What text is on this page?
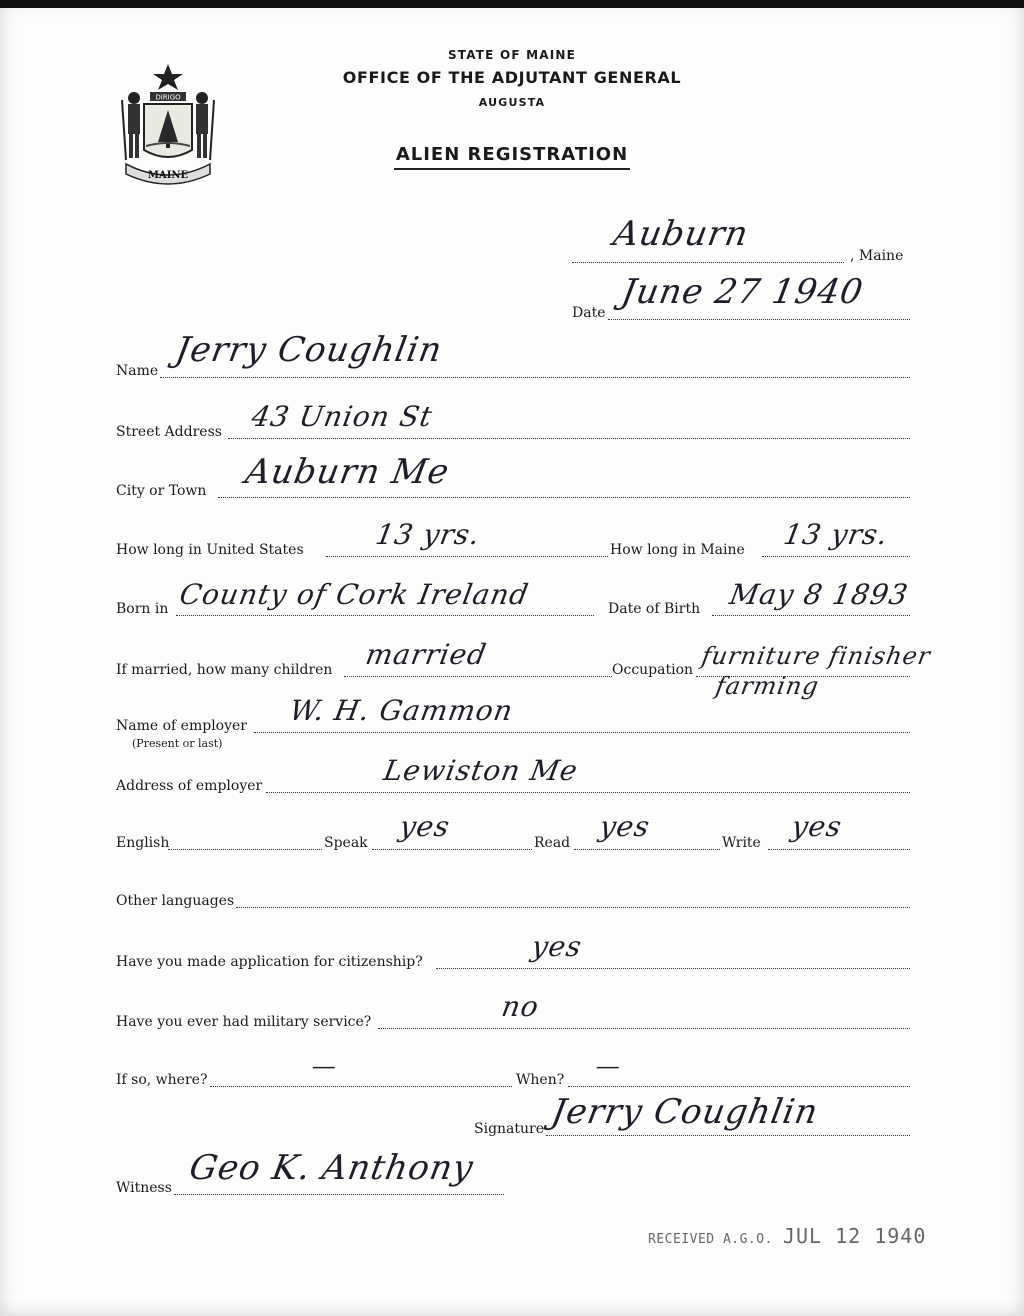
DIRIGO
MAINE
STATE OF MAINE
OFFICE OF THE ADJUTANT GENERAL
AUGUSTA
ALIEN REGISTRATION
Auburn
, Maine
Date
June 27 1940
Name
Jerry Coughlin
Street Address 43 Union St
City or Town Auburn Me
How long in United States 13 yrs.	How long in Maine 13 yrs.
Born in County of Cork Ireland	Date of Birth May 8 1893
If married, how many children married	Occupation furniture finisher
farming
Name of employer
(Present or last)
W. H. Gammon
Address of employer	Lewiston Me
English	Speak yes	Read yes	Write yes
Other languages
Have you made application for citizenship?	yes
Have you ever had military service?	no
If so, where?	—	When? —
Signature Jerry Coughlin
Witness Geo K. Anthony
RECEIVED A.G.O. JUL 12 1940
